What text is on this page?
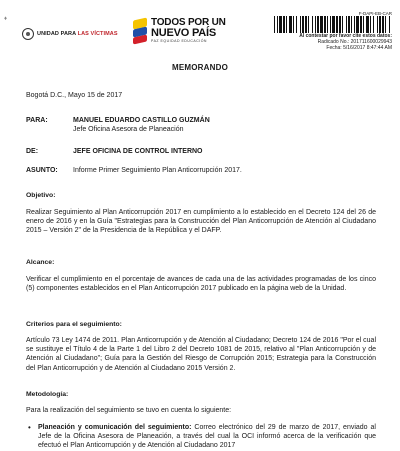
♦
UNIDAD PARA LAS VÍCTIMAS
TODOS POR UN
NUEVO PAÍS
PAZ EQUIDAD EDUCACIÓN
F-DAPI-EB-CAR
Al contestar por favor cite estos datos:
Radicado No.: 201711600029943
Fecha: 5/16/2017 8:47:44 AM
MEMORANDO
Bogotá D.C., Mayo 15 de 2017
PARA:	MANUEL EDUARDO CASTILLO GUZMÁN
Jefe Oficina Asesora de Planeación
DE:	JEFE OFICINA DE CONTROL INTERNO
ASUNTO:	Informe Primer Seguimiento Plan Anticorrupción 2017.
Objetivo:
Realizar Seguimiento al Plan Anticorrupción 2017 en cumplimiento a lo establecido en el Decreto 124 del 26 de enero de 2016 y en la Guía "Estrategias para la Construcción del Plan Anticorrupción de Atención al Ciudadano 2015 – Versión 2" de la Presidencia de la República y el DAFP.
Alcance:
Verificar el cumplimiento en el porcentaje de avances de cada una de las actividades programadas de los cinco (5) componentes establecidos en el Plan Anticorrupción 2017 publicado en la página web de la Unidad.
Criterios para el seguimiento:
Artículo 73 Ley 1474 de 2011. Plan Anticorrupción y de Atención al Ciudadano; Decreto 124 de 2016 "Por el cual se sustituye el Título 4 de la Parte 1 del Libro 2 del Decreto 1081 de 2015, relativo al "Plan Anticorrupción y de Atención al Ciudadano"; Guía para la Gestión del Riesgo de Corrupción 2015; Estrategia para la Construcción del Plan Anticorrupción y de Atención al Ciudadano 2015 Versión 2.
Metodología:
Para la realización del seguimiento se tuvo en cuenta lo siguiente:
• Planeación y comunicación del seguimiento: Correo electrónico del 29 de marzo de 2017, enviado al Jefe de la Oficina Asesora de Planeación, a través del cual la OCI informó acerca de la verificación que efectuó el Plan Anticorrupción y de Atención al Ciudadano 2017
